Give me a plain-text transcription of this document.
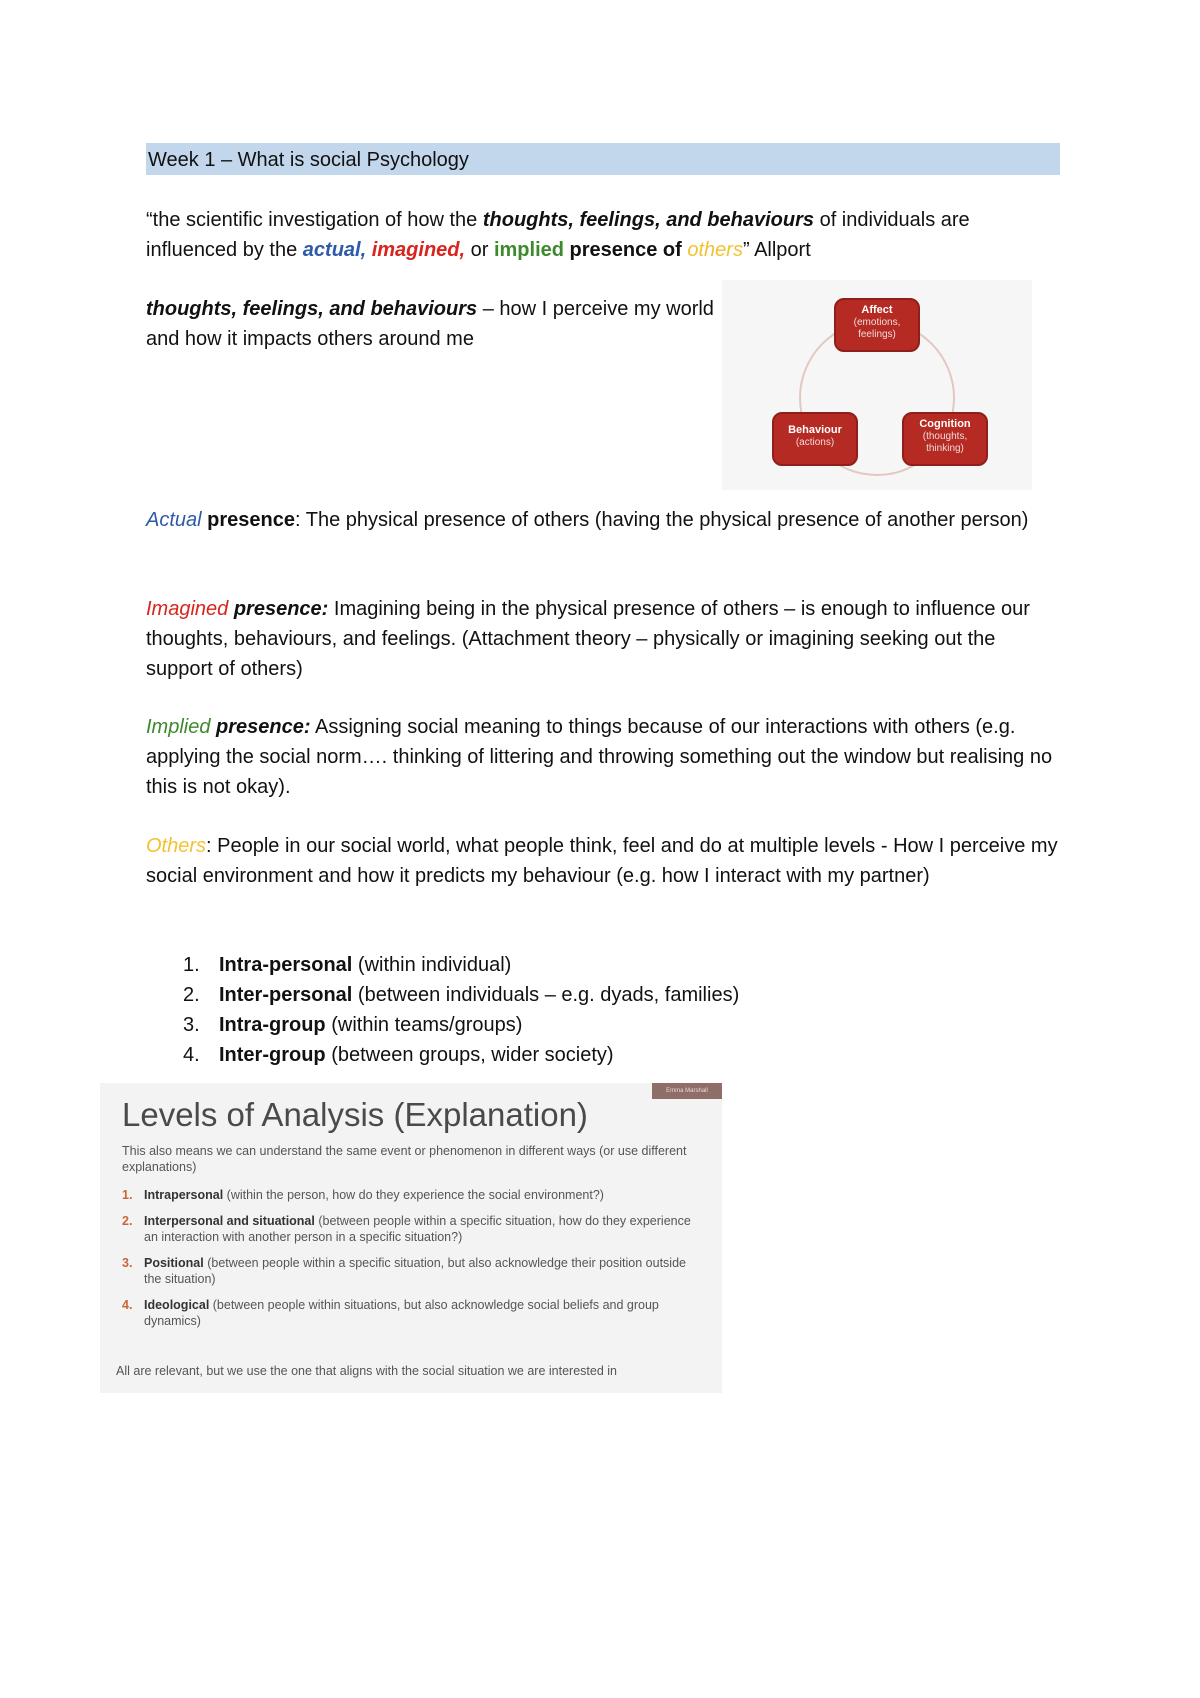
Week 1 – What is social Psychology
“the scientific investigation of how the thoughts, feelings, and behaviours of individuals are influenced by the actual, imagined, or implied presence of others” Allport
thoughts, feelings, and behaviours – how I perceive my world and how it impacts others around me
Affect
(emotions, feelings)
Behaviour
(actions)
Cognition
(thoughts, thinking)
Actual presence: The physical presence of others (having the physical presence of another person)
Imagined presence: Imagining being in the physical presence of others – is enough to influence our thoughts, behaviours, and feelings. (Attachment theory – physically or imagining seeking out the support of others)
Implied presence: Assigning social meaning to things because of our interactions with others (e.g. applying the social norm…. thinking of littering and throwing something out the window but realising no this is not okay).
Others: People in our social world, what people think, feel and do at multiple levels - How I perceive my social environment and how it predicts my behaviour (e.g. how I interact with my partner)
1. Intra-personal (within individual)
2. Inter-personal (between individuals – e.g. dyads, families)
3. Intra-group (within teams/groups)
4. Inter-group (between groups, wider society)
Emma Marshall
Levels of Analysis (Explanation)
This also means we can understand the same event or phenomenon in different ways (or use different explanations)
1. Intrapersonal (within the person, how do they experience the social environment?)
2. Interpersonal and situational (between people within a specific situation, how do they experience an interaction with another person in a specific situation?)
3. Positional (between people within a specific situation, but also acknowledge their position outside the situation)
4. Ideological (between people within situations, but also acknowledge social beliefs and group dynamics)
All are relevant, but we use the one that aligns with the social situation we are interested in
